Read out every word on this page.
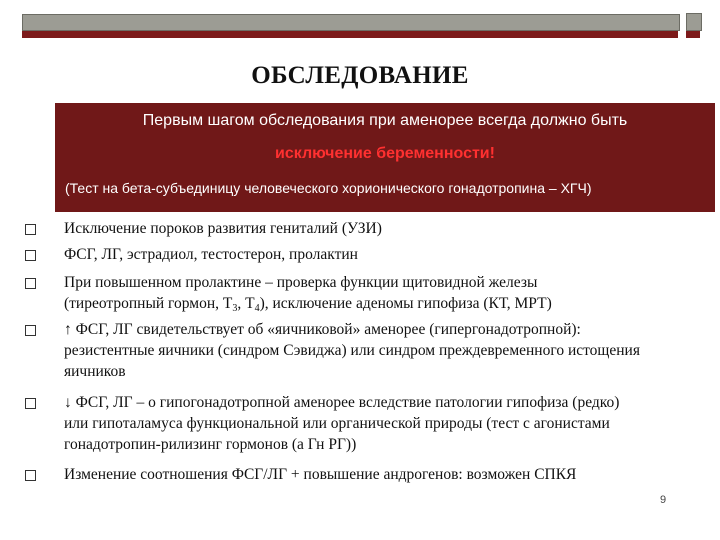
ОБСЛЕДОВАНИЕ
Первым шагом обследования при аменорее всегда должно быть
исключение беременности!
(Тест на бета-субъединицу человеческого хорионического гонадотропина – ХГЧ)
Исключение пороков развития гениталий (УЗИ)
ФСГ, ЛГ, эстрадиол, тестостерон, пролактин
При повышенном пролактине – проверка функции щитовидной железы
(тиреотропный гормон, $Т_3$, $Т_4$), исключение аденомы гипофиза (КТ, МРТ)
↑ ФСГ, ЛГ свидетельствует об «яичниковой» аменорее (гипергонадотропной):
резистентные яичники (синдром Сэвиджа) или синдром преждевременного истощения
яичников
↓ ФСГ, ЛГ – о гипогонадотропной аменорее вследствие патологии гипофиза (редко)
или гипоталамуса функциональной или органической природы (тест с агонистами
гонадотропин-рилизинг гормонов (а Гн РГ))
Изменение соотношения ФСГ/ЛГ + повышение андрогенов: возможен СПКЯ
9
